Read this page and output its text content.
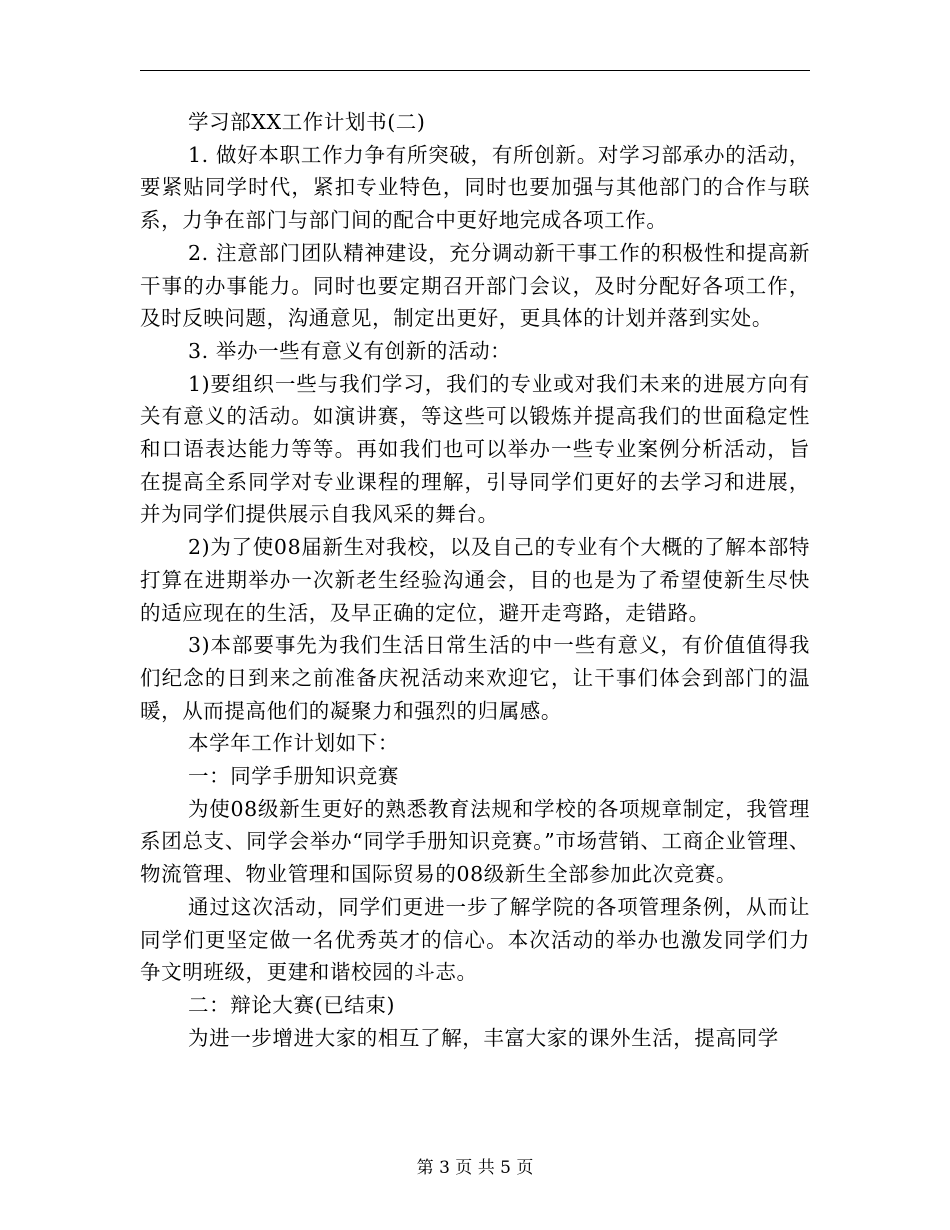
学习部XX工作计划书(二)

1. 做好本职工作力争有所突破，有所创新。对学习部承办的活动，要紧贴同学时代，紧扣专业特色，同时也要加强与其他部门的合作与联系，力争在部门与部门间的配合中更好地完成各项工作。

2. 注意部门团队精神建设，充分调动新干事工作的积极性和提高新干事的办事能力。同时也要定期召开部门会议，及时分配好各项工作，及时反映问题，沟通意见，制定出更好，更具体的计划并落到实处。

3. 举办一些有意义有创新的活动：

1)要组织一些与我们学习，我们的专业或对我们未来的进展方向有关有意义的活动。如演讲赛，等这些可以锻炼并提高我们的世面稳定性和口语表达能力等等。再如我们也可以举办一些专业案例分析活动，旨在提高全系同学对专业课程的理解，引导同学们更好的去学习和进展，并为同学们提供展示自我风采的舞台。

2)为了使08届新生对我校，以及自己的专业有个大概的了解本部特打算在进期举办一次新老生经验沟通会，目的也是为了希望使新生尽快的适应现在的生活，及早正确的定位，避开走弯路，走错路。

3)本部要事先为我们生活日常生活的中一些有意义，有价值值得我们纪念的日到来之前准备庆祝活动来欢迎它，让干事们体会到部门的温暖，从而提高他们的凝聚力和强烈的归属感。

本学年工作计划如下：

一：同学手册知识竞赛

为使08级新生更好的熟悉教育法规和学校的各项规章制定，我管理系团总支、同学会举办“同学手册知识竞赛。”市场营销、工商企业管理、物流管理、物业管理和国际贸易的08级新生全部参加此次竞赛。

通过这次活动，同学们更进一步了解学院的各项管理条例，从而让同学们更坚定做一名优秀英才的信心。本次活动的举办也激发同学们力争文明班级，更建和谐校园的斗志。

二：辩论大赛(已结束)

为进一步增进大家的相互了解，丰富大家的课外生活，提高同学

第 3 页 共 5 页
